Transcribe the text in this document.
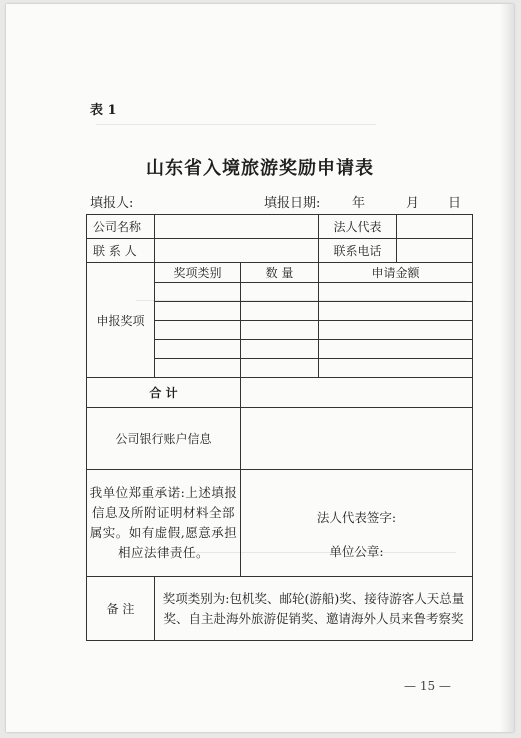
表 1
山东省入境旅游奖励申请表
填报人:	填报日期: 年	月 日
公司名称			法人代表	
联 系 人			联系电话	
申报奖项	奖项类别	数 量	申请金额	

合 计				
公司银行账户信息				
我单位郑重承诺:上述填报信息及所附证明材料全部属实。如有虚假,愿意承担相应法律责任。		法人代表签字:
单位公章:		

备 注	奖项类别为:包机奖、邮轮(游船)奖、接待游客人天总量奖、自主赴海外旅游促销奖、邀请海外人员来鲁考察奖			
— 15 —
